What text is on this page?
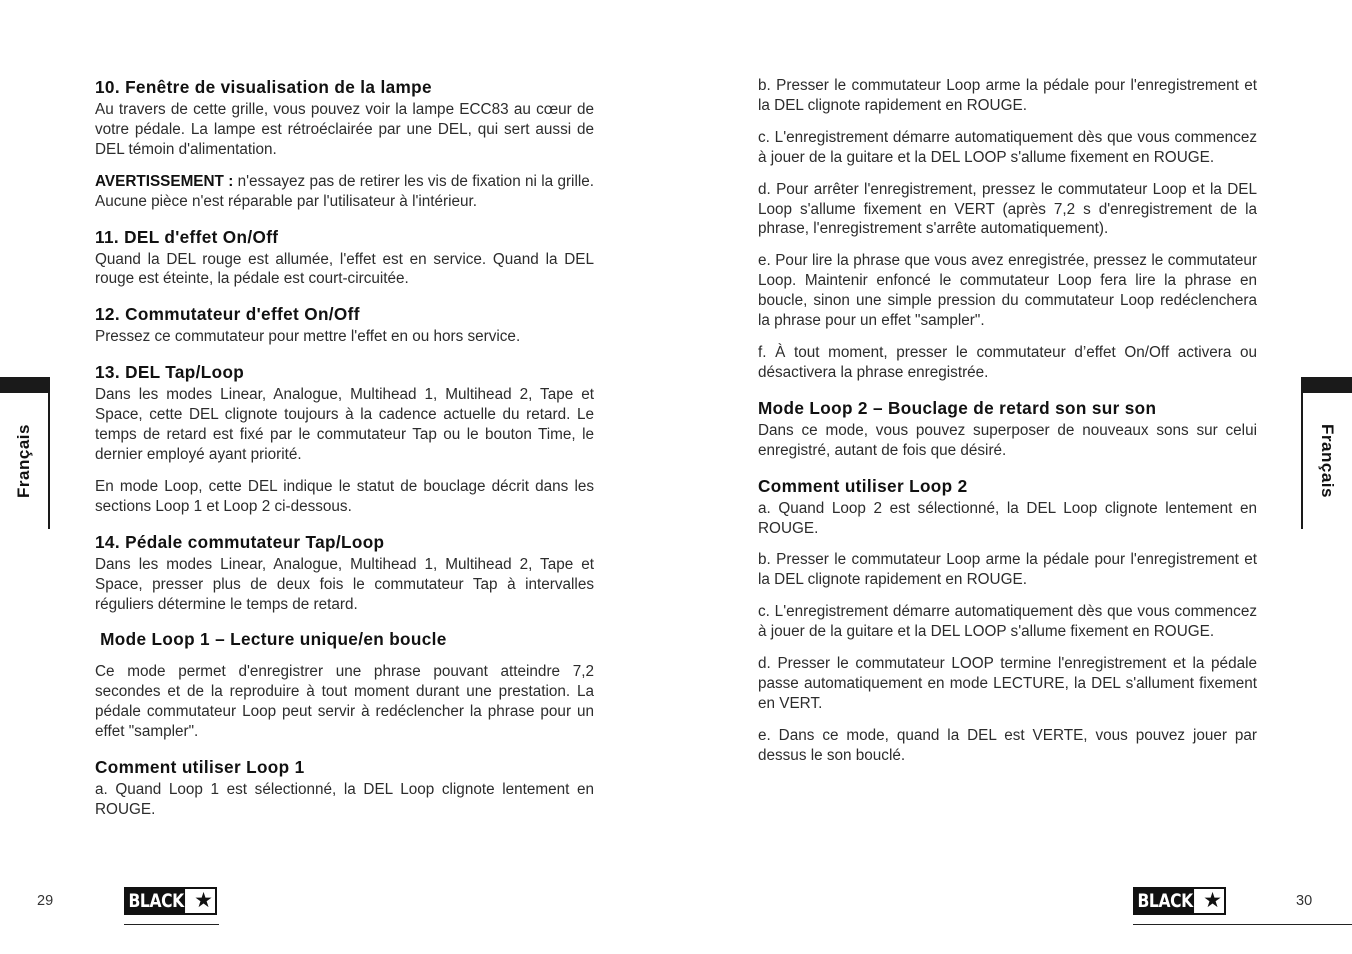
10. Fenêtre de visualisation de la lampe

Au travers de cette grille, vous pouvez voir la lampe ECC83 au cœur de votre pédale. La lampe est rétroéclairée par une DEL, qui sert aussi de DEL témoin d'alimentation.

AVERTISSEMENT : n'essayez pas de retirer les vis de fixation ni la grille. Aucune pièce n'est réparable par l'utilisateur à l'intérieur.

11. DEL d'effet On/Off

Quand la DEL rouge est allumée, l'effet est en service. Quand la DEL rouge est éteinte, la pédale est court-circuitée.

12. Commutateur d'effet On/Off

Pressez ce commutateur pour mettre l'effet en ou hors service.

13. DEL Tap/Loop

Dans les modes Linear, Analogue, Multihead 1, Multihead 2, Tape et Space, cette DEL clignote toujours à la cadence actuelle du retard. Le temps de retard est fixé par le commutateur Tap ou le bouton Time, le dernier employé ayant priorité.

En mode Loop, cette DEL indique le statut de bouclage décrit dans les sections Loop 1 et Loop 2 ci-dessous.

14. Pédale commutateur Tap/Loop

Dans les modes Linear, Analogue, Multihead 1, Multihead 2, Tape et Space, presser plus de deux fois le commutateur Tap à intervalles réguliers détermine le temps de retard.

Mode Loop 1 – Lecture unique/en boucle

Ce mode permet d'enregistrer une phrase pouvant atteindre 7,2 secondes et de la reproduire à tout moment durant une prestation. La pédale commutateur Loop peut servir à redéclencher la phrase pour un effet "sampler".

Comment utiliser Loop 1

a. Quand Loop 1 est sélectionné, la DEL Loop clignote lentement en ROUGE.

b. Presser le commutateur Loop arme la pédale pour l'enregistrement et la DEL clignote rapidement en ROUGE.

c. L'enregistrement démarre automatiquement dès que vous commencez à jouer de la guitare et la DEL LOOP s'allume fixement en ROUGE.

d. Pour arrêter l'enregistrement, pressez le commutateur Loop et la DEL Loop s'allume fixement en VERT (après 7,2 s d'enregistrement de la phrase, l'enregistrement s'arrête automatiquement).

e. Pour lire la phrase que vous avez enregistrée, pressez le commutateur Loop. Maintenir enfoncé le commutateur Loop fera lire la phrase en boucle, sinon une simple pression du commutateur Loop redéclenchera la phrase pour un effet "sampler".

f. À tout moment, presser le commutateur d’effet On/Off activera ou désactivera la phrase enregistrée.

Mode Loop 2 – Bouclage de retard son sur son

Dans ce mode, vous pouvez superposer de nouveaux sons sur celui enregistré, autant de fois que désiré.

Comment utiliser Loop 2

a. Quand Loop 2 est sélectionné, la DEL Loop clignote lentement en ROUGE.

b. Presser le commutateur Loop arme la pédale pour l'enregistrement et la DEL clignote rapidement en ROUGE.

c. L'enregistrement démarre automatiquement dès que vous commencez à jouer de la guitare et la DEL LOOP s'allume fixement en ROUGE.

d. Presser le commutateur LOOP termine l'enregistrement et la pédale passe automatiquement en mode LECTURE, la DEL s'allument fixement en VERT.

e. Dans ce mode, quand la DEL est VERTE, vous pouvez jouer par dessus le son bouclé.

Français	Français
29	BLACK ★	BLACK ★	30
